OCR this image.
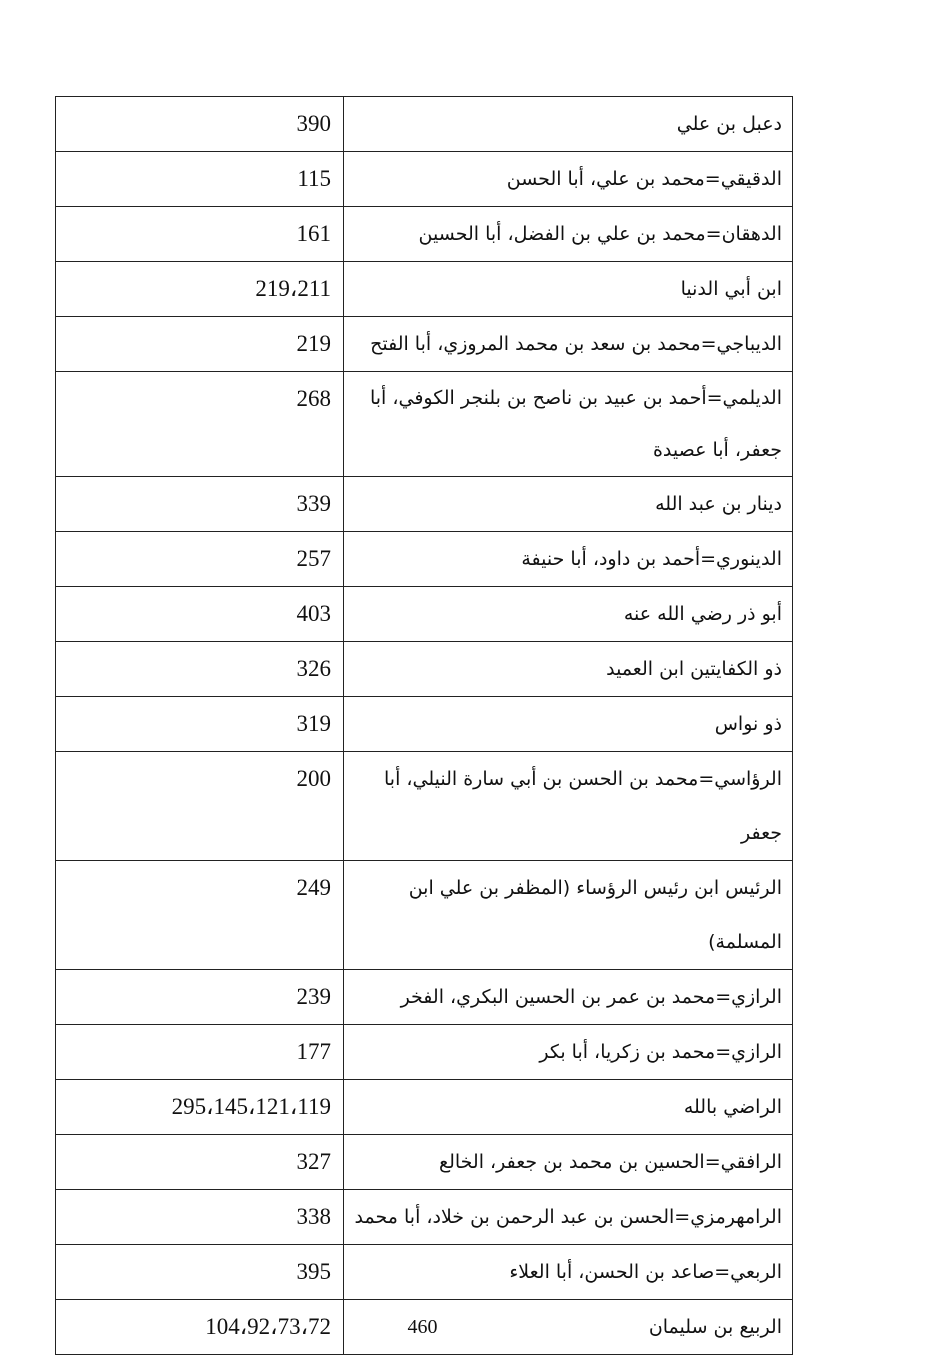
390	دعبل بن علي
115	الدقيقي=محمد بن علي، أبا الحسن
161	الدهقان=محمد بن علي بن الفضل، أبا الحسين
219،211	ابن أبي الدنيا
219	الديباجي=محمد بن سعد بن محمد المروزي، أبا الفتح
268	الديلمي=أحمد بن عبيد بن ناصح بن بلنجر الكوفي، أبا جعفر، أبا عصيدة
339	دينار بن عبد الله
257	الدينوري=أحمد بن داود، أبا حنيفة
403	أبو ذر رضي الله عنه
326	ذو الكفايتين ابن العميد
319	ذو نواس
200	الرؤاسي=محمد بن الحسن بن أبي سارة النيلي، أبا جعفر
249	الرئيس ابن رئيس الرؤساء (المظفر بن علي ابن المسلمة)
239	الرازي=محمد بن عمر بن الحسين البكري، الفخر
177	الرازي=محمد بن زكريا، أبا بكر
295،145،121،119	الراضي بالله
327	الرافقي=الحسين بن محمد بن جعفر، الخالع
338	الرامهرمزي=الحسن بن عبد الرحمن بن خلاد، أبا محمد
395	الربعي=صاعد بن الحسن، أبا العلاء
104،92،73،72	الربيع بن سليمان
460
